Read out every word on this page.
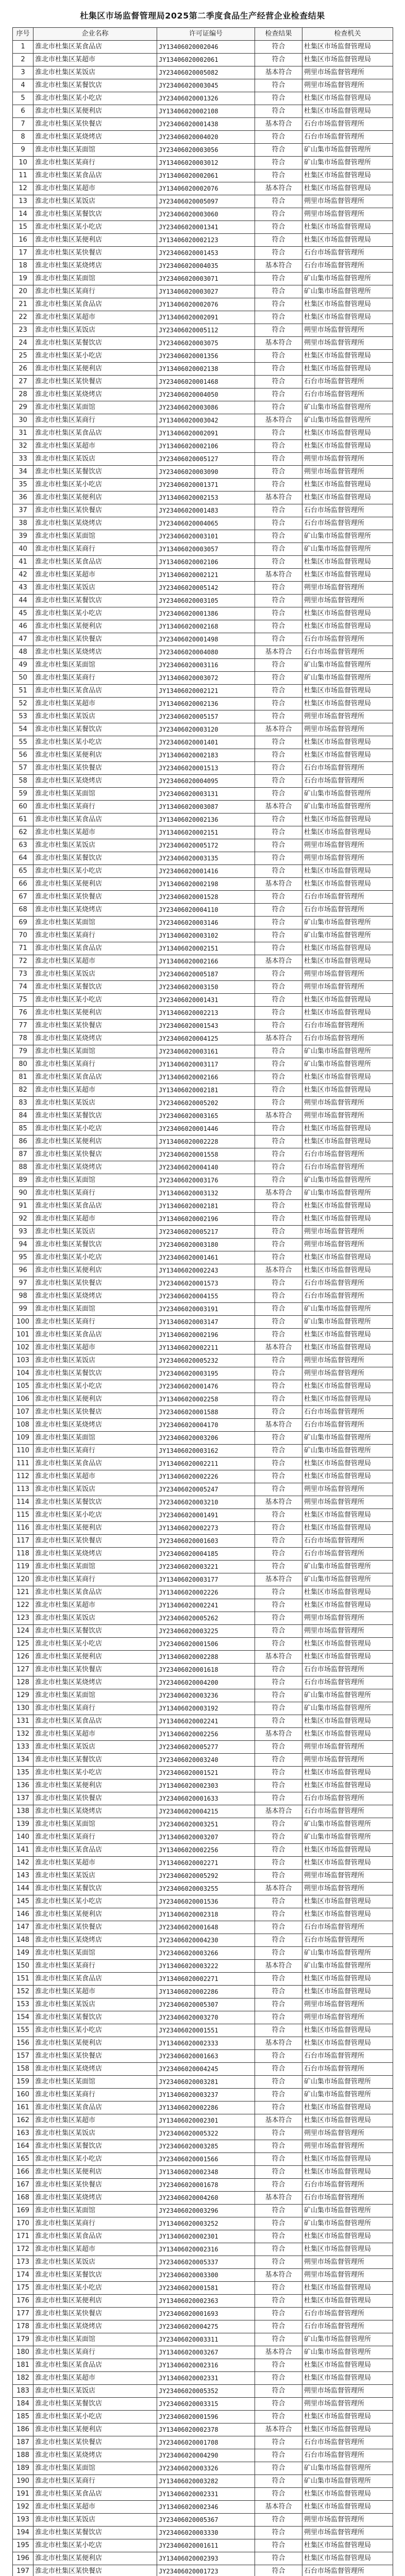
杜集区市场监督管理局2025第二季度食品生产经营企业检查结果
序号	企业名称	许可证编号	检查结果	检查机关
1	淮北市杜集区某食品店	JY13406020002046	符合	杜集区市场监督管理局
2	淮北市杜集区某超市	JY13406020002061	符合	杜集区市场监督管理局
3	淮北市杜集区某饭店	JY23406020005082	基本符合	朔里市场监督管理所
4	淮北市杜集区某餐饮店	JY23406020003045	符合	朔里市场监督管理所
5	淮北市杜集区某小吃店	JY23406020001326	符合	杜集区市场监督管理局
6	淮北市杜集区某便利店	JY13406020002108	符合	杜集区市场监督管理局
7	淮北市杜集区某快餐店	JY23406020001438	基本符合	石台市场监督管理所
8	淮北市杜集区某烧烤店	JY23406020004020	符合	石台市场监督管理所
9	淮北市杜集区某面馆	JY23406020003056	符合	矿山集市场监督管理所
10	淮北市杜集区某商行	JY13406020003012	符合	矿山集市场监督管理所
11	淮北市杜集区某食品店	JY13406020002061	符合	杜集区市场监督管理局
12	淮北市杜集区某超市	JY13406020002076	基本符合	杜集区市场监督管理局
13	淮北市杜集区某饭店	JY23406020005097	符合	朔里市场监督管理所
14	淮北市杜集区某餐饮店	JY23406020003060	符合	朔里市场监督管理所
15	淮北市杜集区某小吃店	JY23406020001341	符合	杜集区市场监督管理局
16	淮北市杜集区某便利店	JY13406020002123	符合	杜集区市场监督管理局
17	淮北市杜集区某快餐店	JY23406020001453	符合	石台市场监督管理所
18	淮北市杜集区某烧烤店	JY23406020004035	基本符合	石台市场监督管理所
19	淮北市杜集区某面馆	JY23406020003071	符合	矿山集市场监督管理所
20	淮北市杜集区某商行	JY13406020003027	符合	矿山集市场监督管理所
21	淮北市杜集区某食品店	JY13406020002076	符合	杜集区市场监督管理局
22	淮北市杜集区某超市	JY13406020002091	符合	杜集区市场监督管理局
23	淮北市杜集区某饭店	JY23406020005112	符合	朔里市场监督管理所
24	淮北市杜集区某餐饮店	JY23406020003075	基本符合	朔里市场监督管理所
25	淮北市杜集区某小吃店	JY23406020001356	符合	杜集区市场监督管理局
26	淮北市杜集区某便利店	JY13406020002138	符合	杜集区市场监督管理局
27	淮北市杜集区某快餐店	JY23406020001468	符合	石台市场监督管理所
28	淮北市杜集区某烧烤店	JY23406020004050	符合	石台市场监督管理所
29	淮北市杜集区某面馆	JY23406020003086	符合	矿山集市场监督管理所
30	淮北市杜集区某商行	JY13406020003042	基本符合	矿山集市场监督管理所
31	淮北市杜集区某食品店	JY13406020002091	符合	杜集区市场监督管理局
32	淮北市杜集区某超市	JY13406020002106	符合	杜集区市场监督管理局
33	淮北市杜集区某饭店	JY23406020005127	符合	朔里市场监督管理所
34	淮北市杜集区某餐饮店	JY23406020003090	符合	朔里市场监督管理所
35	淮北市杜集区某小吃店	JY23406020001371	符合	杜集区市场监督管理局
36	淮北市杜集区某便利店	JY13406020002153	基本符合	杜集区市场监督管理局
37	淮北市杜集区某快餐店	JY23406020001483	符合	石台市场监督管理所
38	淮北市杜集区某烧烤店	JY23406020004065	符合	石台市场监督管理所
39	淮北市杜集区某面馆	JY23406020003101	符合	矿山集市场监督管理所
40	淮北市杜集区某商行	JY13406020003057	符合	矿山集市场监督管理所
41	淮北市杜集区某食品店	JY13406020002106	符合	杜集区市场监督管理局
42	淮北市杜集区某超市	JY13406020002121	基本符合	杜集区市场监督管理局
43	淮北市杜集区某饭店	JY23406020005142	符合	朔里市场监督管理所
44	淮北市杜集区某餐饮店	JY23406020003105	符合	朔里市场监督管理所
45	淮北市杜集区某小吃店	JY23406020001386	符合	杜集区市场监督管理局
46	淮北市杜集区某便利店	JY13406020002168	符合	杜集区市场监督管理局
47	淮北市杜集区某快餐店	JY23406020001498	符合	石台市场监督管理所
48	淮北市杜集区某烧烤店	JY23406020004080	基本符合	石台市场监督管理所
49	淮北市杜集区某面馆	JY23406020003116	符合	矿山集市场监督管理所
50	淮北市杜集区某商行	JY13406020003072	符合	矿山集市场监督管理所
51	淮北市杜集区某食品店	JY13406020002121	符合	杜集区市场监督管理局
52	淮北市杜集区某超市	JY13406020002136	符合	杜集区市场监督管理局
53	淮北市杜集区某饭店	JY23406020005157	符合	朔里市场监督管理所
54	淮北市杜集区某餐饮店	JY23406020003120	基本符合	朔里市场监督管理所
55	淮北市杜集区某小吃店	JY23406020001401	符合	杜集区市场监督管理局
56	淮北市杜集区某便利店	JY13406020002183	符合	杜集区市场监督管理局
57	淮北市杜集区某快餐店	JY23406020001513	符合	石台市场监督管理所
58	淮北市杜集区某烧烤店	JY23406020004095	符合	石台市场监督管理所
59	淮北市杜集区某面馆	JY23406020003131	符合	矿山集市场监督管理所
60	淮北市杜集区某商行	JY13406020003087	基本符合	矿山集市场监督管理所
61	淮北市杜集区某食品店	JY13406020002136	符合	杜集区市场监督管理局
62	淮北市杜集区某超市	JY13406020002151	符合	杜集区市场监督管理局
63	淮北市杜集区某饭店	JY23406020005172	符合	朔里市场监督管理所
64	淮北市杜集区某餐饮店	JY23406020003135	符合	朔里市场监督管理所
65	淮北市杜集区某小吃店	JY23406020001416	符合	杜集区市场监督管理局
66	淮北市杜集区某便利店	JY13406020002198	基本符合	杜集区市场监督管理局
67	淮北市杜集区某快餐店	JY23406020001528	符合	石台市场监督管理所
68	淮北市杜集区某烧烤店	JY23406020004110	符合	石台市场监督管理所
69	淮北市杜集区某面馆	JY23406020003146	符合	矿山集市场监督管理所
70	淮北市杜集区某商行	JY13406020003102	符合	矿山集市场监督管理所
71	淮北市杜集区某食品店	JY13406020002151	符合	杜集区市场监督管理局
72	淮北市杜集区某超市	JY13406020002166	基本符合	杜集区市场监督管理局
73	淮北市杜集区某饭店	JY23406020005187	符合	朔里市场监督管理所
74	淮北市杜集区某餐饮店	JY23406020003150	符合	朔里市场监督管理所
75	淮北市杜集区某小吃店	JY23406020001431	符合	杜集区市场监督管理局
76	淮北市杜集区某便利店	JY13406020002213	符合	杜集区市场监督管理局
77	淮北市杜集区某快餐店	JY23406020001543	符合	石台市场监督管理所
78	淮北市杜集区某烧烤店	JY23406020004125	基本符合	石台市场监督管理所
79	淮北市杜集区某面馆	JY23406020003161	符合	矿山集市场监督管理所
80	淮北市杜集区某商行	JY13406020003117	符合	矿山集市场监督管理所
81	淮北市杜集区某食品店	JY13406020002166	符合	杜集区市场监督管理局
82	淮北市杜集区某超市	JY13406020002181	符合	杜集区市场监督管理局
83	淮北市杜集区某饭店	JY23406020005202	符合	朔里市场监督管理所
84	淮北市杜集区某餐饮店	JY23406020003165	基本符合	朔里市场监督管理所
85	淮北市杜集区某小吃店	JY23406020001446	符合	杜集区市场监督管理局
86	淮北市杜集区某便利店	JY13406020002228	符合	杜集区市场监督管理局
87	淮北市杜集区某快餐店	JY23406020001558	符合	石台市场监督管理所
88	淮北市杜集区某烧烤店	JY23406020004140	符合	石台市场监督管理所
89	淮北市杜集区某面馆	JY23406020003176	符合	矿山集市场监督管理所
90	淮北市杜集区某商行	JY13406020003132	基本符合	矿山集市场监督管理所
91	淮北市杜集区某食品店	JY13406020002181	符合	杜集区市场监督管理局
92	淮北市杜集区某超市	JY13406020002196	符合	杜集区市场监督管理局
93	淮北市杜集区某饭店	JY23406020005217	符合	朔里市场监督管理所
94	淮北市杜集区某餐饮店	JY23406020003180	符合	朔里市场监督管理所
95	淮北市杜集区某小吃店	JY23406020001461	符合	杜集区市场监督管理局
96	淮北市杜集区某便利店	JY13406020002243	基本符合	杜集区市场监督管理局
97	淮北市杜集区某快餐店	JY23406020001573	符合	石台市场监督管理所
98	淮北市杜集区某烧烤店	JY23406020004155	符合	石台市场监督管理所
99	淮北市杜集区某面馆	JY23406020003191	符合	矿山集市场监督管理所
100	淮北市杜集区某商行	JY13406020003147	符合	矿山集市场监督管理所
101	淮北市杜集区某食品店	JY13406020002196	符合	杜集区市场监督管理局
102	淮北市杜集区某超市	JY13406020002211	基本符合	杜集区市场监督管理局
103	淮北市杜集区某饭店	JY23406020005232	符合	朔里市场监督管理所
104	淮北市杜集区某餐饮店	JY23406020003195	符合	朔里市场监督管理所
105	淮北市杜集区某小吃店	JY23406020001476	符合	杜集区市场监督管理局
106	淮北市杜集区某便利店	JY13406020002258	符合	杜集区市场监督管理局
107	淮北市杜集区某快餐店	JY23406020001588	符合	石台市场监督管理所
108	淮北市杜集区某烧烤店	JY23406020004170	基本符合	石台市场监督管理所
109	淮北市杜集区某面馆	JY23406020003206	符合	矿山集市场监督管理所
110	淮北市杜集区某商行	JY13406020003162	符合	矿山集市场监督管理所
111	淮北市杜集区某食品店	JY13406020002211	符合	杜集区市场监督管理局
112	淮北市杜集区某超市	JY13406020002226	符合	杜集区市场监督管理局
113	淮北市杜集区某饭店	JY23406020005247	符合	朔里市场监督管理所
114	淮北市杜集区某餐饮店	JY23406020003210	基本符合	朔里市场监督管理所
115	淮北市杜集区某小吃店	JY23406020001491	符合	杜集区市场监督管理局
116	淮北市杜集区某便利店	JY13406020002273	符合	杜集区市场监督管理局
117	淮北市杜集区某快餐店	JY23406020001603	符合	石台市场监督管理所
118	淮北市杜集区某烧烤店	JY23406020004185	符合	石台市场监督管理所
119	淮北市杜集区某面馆	JY23406020003221	符合	矿山集市场监督管理所
120	淮北市杜集区某商行	JY13406020003177	基本符合	矿山集市场监督管理所
121	淮北市杜集区某食品店	JY13406020002226	符合	杜集区市场监督管理局
122	淮北市杜集区某超市	JY13406020002241	符合	杜集区市场监督管理局
123	淮北市杜集区某饭店	JY23406020005262	符合	朔里市场监督管理所
124	淮北市杜集区某餐饮店	JY23406020003225	符合	朔里市场监督管理所
125	淮北市杜集区某小吃店	JY23406020001506	符合	杜集区市场监督管理局
126	淮北市杜集区某便利店	JY13406020002288	基本符合	杜集区市场监督管理局
127	淮北市杜集区某快餐店	JY23406020001618	符合	石台市场监督管理所
128	淮北市杜集区某烧烤店	JY23406020004200	符合	石台市场监督管理所
129	淮北市杜集区某面馆	JY23406020003236	符合	矿山集市场监督管理所
130	淮北市杜集区某商行	JY13406020003192	符合	矿山集市场监督管理所
131	淮北市杜集区某食品店	JY13406020002241	符合	杜集区市场监督管理局
132	淮北市杜集区某超市	JY13406020002256	基本符合	杜集区市场监督管理局
133	淮北市杜集区某饭店	JY23406020005277	符合	朔里市场监督管理所
134	淮北市杜集区某餐饮店	JY23406020003240	符合	朔里市场监督管理所
135	淮北市杜集区某小吃店	JY23406020001521	符合	杜集区市场监督管理局
136	淮北市杜集区某便利店	JY13406020002303	符合	杜集区市场监督管理局
137	淮北市杜集区某快餐店	JY23406020001633	符合	石台市场监督管理所
138	淮北市杜集区某烧烤店	JY23406020004215	基本符合	石台市场监督管理所
139	淮北市杜集区某面馆	JY23406020003251	符合	矿山集市场监督管理所
140	淮北市杜集区某商行	JY13406020003207	符合	矿山集市场监督管理所
141	淮北市杜集区某食品店	JY13406020002256	符合	杜集区市场监督管理局
142	淮北市杜集区某超市	JY13406020002271	符合	杜集区市场监督管理局
143	淮北市杜集区某饭店	JY23406020005292	符合	朔里市场监督管理所
144	淮北市杜集区某餐饮店	JY23406020003255	基本符合	朔里市场监督管理所
145	淮北市杜集区某小吃店	JY23406020001536	符合	杜集区市场监督管理局
146	淮北市杜集区某便利店	JY13406020002318	符合	杜集区市场监督管理局
147	淮北市杜集区某快餐店	JY23406020001648	符合	石台市场监督管理所
148	淮北市杜集区某烧烤店	JY23406020004230	符合	石台市场监督管理所
149	淮北市杜集区某面馆	JY23406020003266	符合	矿山集市场监督管理所
150	淮北市杜集区某商行	JY13406020003222	基本符合	矿山集市场监督管理所
151	淮北市杜集区某食品店	JY13406020002271	符合	杜集区市场监督管理局
152	淮北市杜集区某超市	JY13406020002286	符合	杜集区市场监督管理局
153	淮北市杜集区某饭店	JY23406020005307	符合	朔里市场监督管理所
154	淮北市杜集区某餐饮店	JY23406020003270	符合	朔里市场监督管理所
155	淮北市杜集区某小吃店	JY23406020001551	符合	杜集区市场监督管理局
156	淮北市杜集区某便利店	JY13406020002333	基本符合	杜集区市场监督管理局
157	淮北市杜集区某快餐店	JY23406020001663	符合	石台市场监督管理所
158	淮北市杜集区某烧烤店	JY23406020004245	符合	石台市场监督管理所
159	淮北市杜集区某面馆	JY23406020003281	符合	矿山集市场监督管理所
160	淮北市杜集区某商行	JY13406020003237	符合	矿山集市场监督管理所
161	淮北市杜集区某食品店	JY13406020002286	符合	杜集区市场监督管理局
162	淮北市杜集区某超市	JY13406020002301	基本符合	杜集区市场监督管理局
163	淮北市杜集区某饭店	JY23406020005322	符合	朔里市场监督管理所
164	淮北市杜集区某餐饮店	JY23406020003285	符合	朔里市场监督管理所
165	淮北市杜集区某小吃店	JY23406020001566	符合	杜集区市场监督管理局
166	淮北市杜集区某便利店	JY13406020002348	符合	杜集区市场监督管理局
167	淮北市杜集区某快餐店	JY23406020001678	符合	石台市场监督管理所
168	淮北市杜集区某烧烤店	JY23406020004260	基本符合	石台市场监督管理所
169	淮北市杜集区某面馆	JY23406020003296	符合	矿山集市场监督管理所
170	淮北市杜集区某商行	JY13406020003252	符合	矿山集市场监督管理所
171	淮北市杜集区某食品店	JY13406020002301	符合	杜集区市场监督管理局
172	淮北市杜集区某超市	JY13406020002316	符合	杜集区市场监督管理局
173	淮北市杜集区某饭店	JY23406020005337	符合	朔里市场监督管理所
174	淮北市杜集区某餐饮店	JY23406020003300	基本符合	朔里市场监督管理所
175	淮北市杜集区某小吃店	JY23406020001581	符合	杜集区市场监督管理局
176	淮北市杜集区某便利店	JY13406020002363	符合	杜集区市场监督管理局
177	淮北市杜集区某快餐店	JY23406020001693	符合	石台市场监督管理所
178	淮北市杜集区某烧烤店	JY23406020004275	符合	石台市场监督管理所
179	淮北市杜集区某面馆	JY23406020003311	符合	矿山集市场监督管理所
180	淮北市杜集区某商行	JY13406020003267	基本符合	矿山集市场监督管理所
181	淮北市杜集区某食品店	JY13406020002316	符合	杜集区市场监督管理局
182	淮北市杜集区某超市	JY13406020002331	符合	杜集区市场监督管理局
183	淮北市杜集区某饭店	JY23406020005352	符合	朔里市场监督管理所
184	淮北市杜集区某餐饮店	JY23406020003315	符合	朔里市场监督管理所
185	淮北市杜集区某小吃店	JY23406020001596	符合	杜集区市场监督管理局
186	淮北市杜集区某便利店	JY13406020002378	基本符合	杜集区市场监督管理局
187	淮北市杜集区某快餐店	JY23406020001708	符合	石台市场监督管理所
188	淮北市杜集区某烧烤店	JY23406020004290	符合	石台市场监督管理所
189	淮北市杜集区某面馆	JY23406020003326	符合	矿山集市场监督管理所
190	淮北市杜集区某商行	JY13406020003282	符合	矿山集市场监督管理所
191	淮北市杜集区某食品店	JY13406020002331	符合	杜集区市场监督管理局
192	淮北市杜集区某超市	JY13406020002346	基本符合	杜集区市场监督管理局
193	淮北市杜集区某饭店	JY23406020005367	符合	朔里市场监督管理所
194	淮北市杜集区某餐饮店	JY23406020003330	符合	朔里市场监督管理所
195	淮北市杜集区某小吃店	JY23406020001611	符合	杜集区市场监督管理局
196	淮北市杜集区某便利店	JY13406020002393	符合	杜集区市场监督管理局
197	淮北市杜集区某快餐店	JY23406020001723	符合	石台市场监督管理所
